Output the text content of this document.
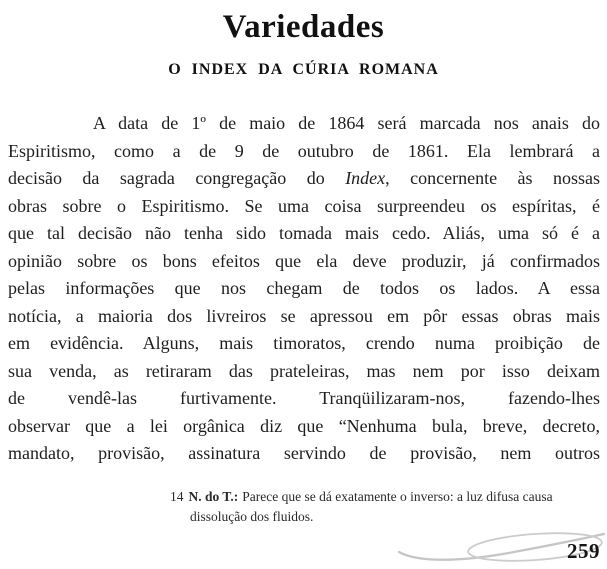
Variedades
O INDEX DA CÚRIA ROMANA
A data de 1º de maio de 1864 será marcada nos anais do
Espiritismo, como a de 9 de outubro de 1861. Ela lembrará a
decisão da sagrada congregação do Index, concernente às nossas
obras sobre o Espiritismo. Se uma coisa surpreendeu os espíritas, é
que tal decisão não tenha sido tomada mais cedo. Aliás, uma só é a
opinião sobre os bons efeitos que ela deve produzir, já confirmados
pelas informações que nos chegam de todos os lados. A essa
notícia, a maioria dos livreiros se apressou em pôr essas obras mais
em evidência. Alguns, mais timoratos, crendo numa proibição de
sua venda, as retiraram das prateleiras, mas nem por isso deixam
de vendê-las furtivamente. Tranqüilizaram-nos, fazendo-lhes
observar que a lei orgânica diz que “Nenhuma bula, breve, decreto,
mandato, provisão, assinatura servindo de provisão, nem outros
14 N. do T.: Parece que se dá exatamente o inverso: a luz difusa causa
dissolução dos fluidos.
259
